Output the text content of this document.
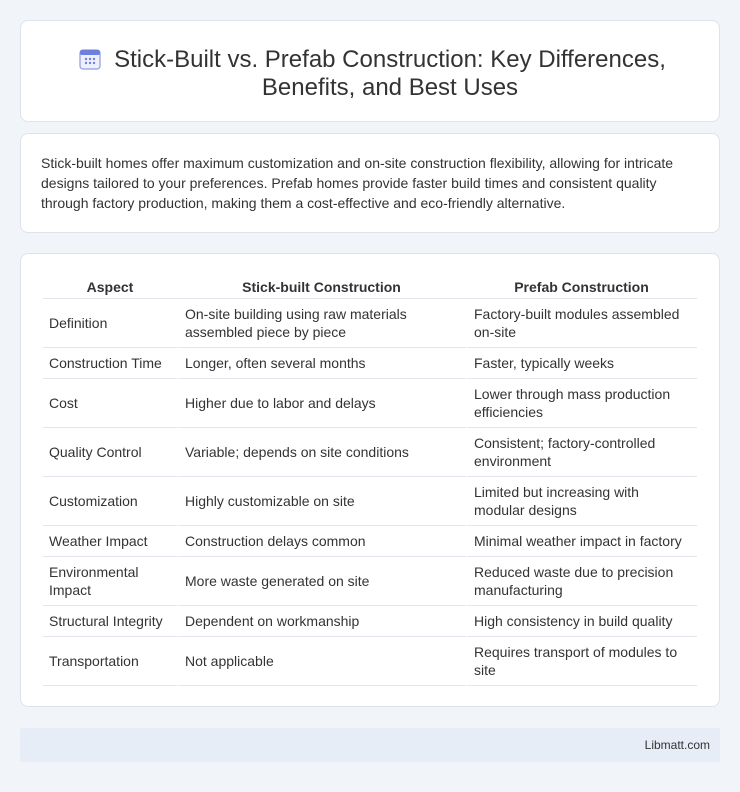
Stick-Built vs. Prefab Construction: Key Differences, Benefits, and Best Uses

Stick-built homes offer maximum customization and on-site construction flexibility, allowing for intricate designs tailored to your preferences. Prefab homes provide faster build times and consistent quality through factory production, making them a cost-effective and eco-friendly alternative.

Aspect	Stick-built Construction	Prefab Construction
Definition	On-site building using raw materials assembled piece by piece	Factory-built modules assembled on-site
Construction Time	Longer, often several months	Faster, typically weeks
Cost	Higher due to labor and delays	Lower through mass production efficiencies
Quality Control	Variable; depends on site conditions	Consistent; factory-controlled environment
Customization	Highly customizable on site	Limited but increasing with modular designs
Weather Impact	Construction delays common	Minimal weather impact in factory
Environmental Impact	More waste generated on site	Reduced waste due to precision manufacturing
Structural Integrity	Dependent on workmanship	High consistency in build quality
Transportation	Not applicable	Requires transport of modules to site
Libmatt.com
